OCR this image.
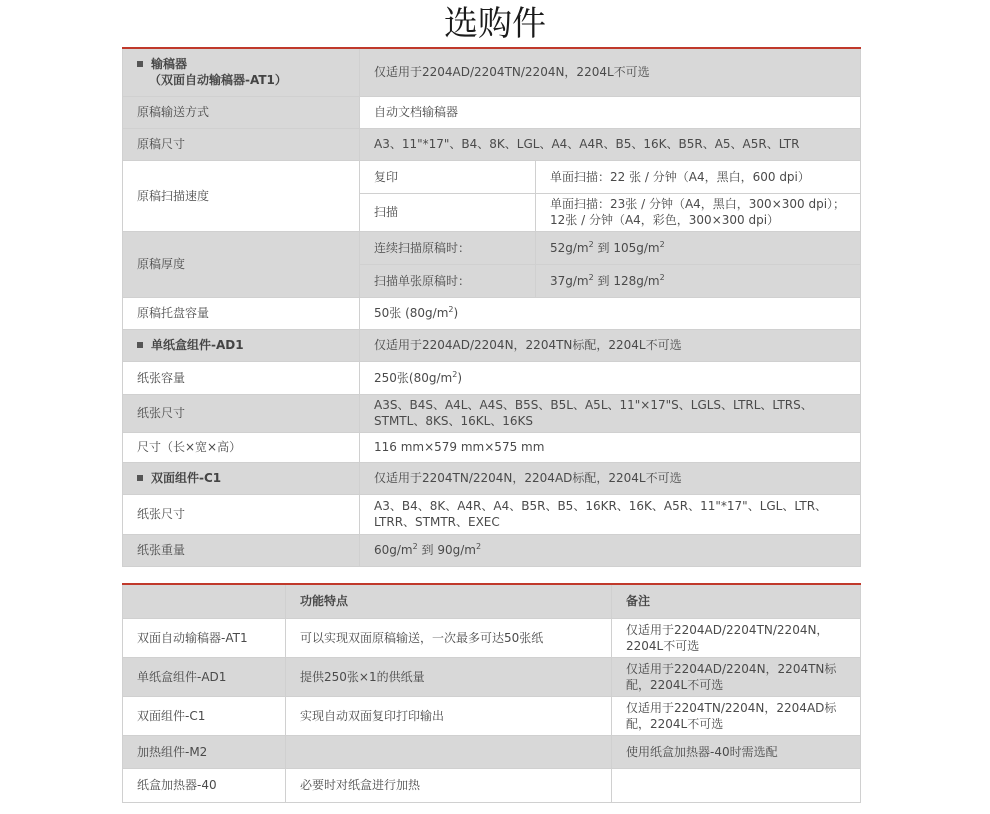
选购件
输稿器
（双面自动输稿器-AT1）	仅适用于2204AD/2204TN/2204N，2204L不可选	
原稿输送方式	自动文档输稿器	
原稿尺寸	A3、11"*17"、B4、8K、LGL、A4、A4R、B5、16K、B5R、A5、A5R、LTR	
原稿扫描速度	复印	单面扫描：22 张 / 分钟（A4，黑白，600 dpi）
	扫描	单面扫描：23张 / 分钟（A4，黑白，300×300 dpi）；12张 / 分钟（A4，彩色，300×300 dpi）
原稿厚度	连续扫描原稿时：	$52g/m^2$ 到 $105g/m^2$
	扫描单张原稿时：	$37g/m^2$ 到 $128g/m^2$
原稿托盘容量	50张 $(80g/m^2)$	
单纸盒组件-AD1	仅适用于2204AD/2204N，2204TN标配，2204L不可选	
纸张容量	250张$(80g/m^2)$	
纸张尺寸	A3S、B4S、A4L、A4S、B5S、B5L、A5L、11"×17"S、LGLS、LTRL、LTRS、STMTL、8KS、16KL、16KS	
尺寸（长×宽×高）	116 mm×579 mm×575 mm	
双面组件-C1	仅适用于2204TN/2204N，2204AD标配，2204L不可选	
纸张尺寸	A3、B4、8K、A4R、A4、B5R、B5、16KR、16K、A5R、11"*17"、LGL、LTR、LTRR、STMTR、EXEC	
纸张重量	$60g/m^2$ 到 $90g/m^2$
	功能特点	备注
双面自动输稿器-AT1	可以实现双面原稿输送，一次最多可达50张纸	仅适用于2204AD/2204TN/2204N，2204L不可选
单纸盒组件-AD1	提供250张×1的供纸量	仅适用于2204AD/2204N，2204TN标配，2204L不可选
双面组件-C1	实现自动双面复印打印输出	仅适用于2204TN/2204N，2204AD标配，2204L不可选
加热组件-M2		使用纸盒加热器-40时需选配
纸盒加热器-40	必要时对纸盒进行加热	
